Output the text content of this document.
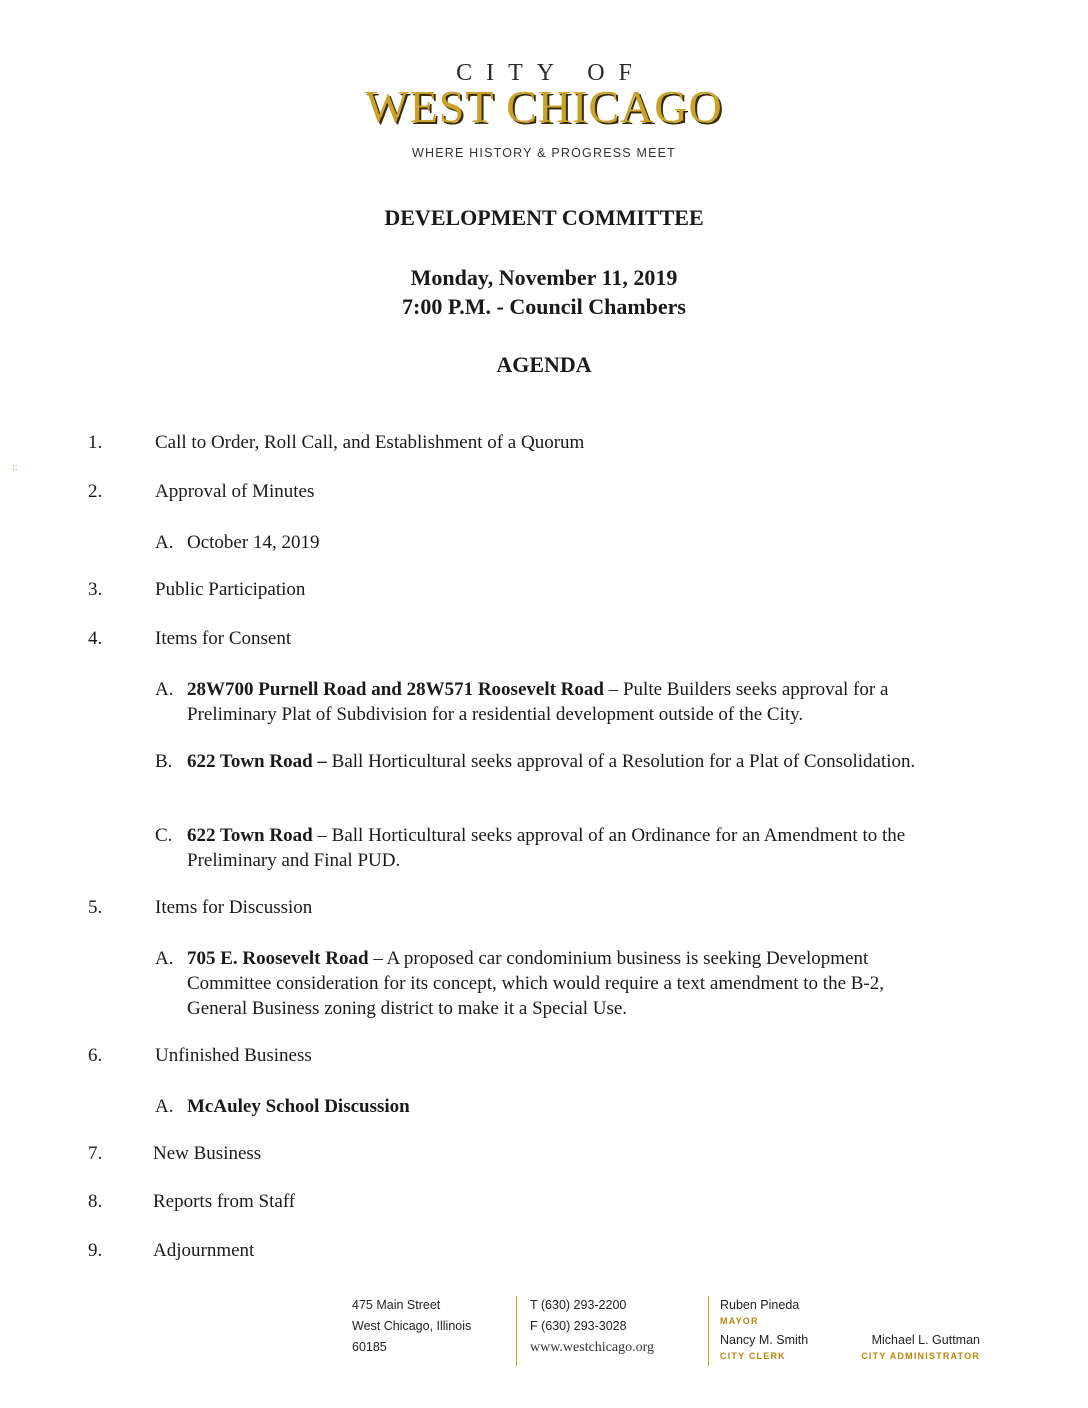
CITY OF
WEST CHICAGO
WHERE HISTORY & PROGRESS MEET
::
DEVELOPMENT COMMITTEE
Monday, November 11, 2019
7:00 P.M. - Council Chambers
AGENDA
1.	Call to Order, Roll Call, and Establishment of a Quorum
2.	Approval of Minutes
A. October 14, 2019
3.	Public Participation
4.	Items for Consent
A. 28W700 Purnell Road and 28W571 Roosevelt Road – Pulte Builders seeks approval for a Preliminary Plat of Subdivision for a residential development outside of the City.
B. 622 Town Road – Ball Horticultural seeks approval of a Resolution for a Plat of Consolidation.
C. 622 Town Road – Ball Horticultural seeks approval of an Ordinance for an Amendment to the Preliminary and Final PUD.
5.	Items for Discussion
A. 705 E. Roosevelt Road – A proposed car condominium business is seeking Development Committee consideration for its concept, which would require a text amendment to the B-2, General Business zoning district to make it a Special Use.
6.	Unfinished Business
A. McAuley School Discussion
7.	New Business
8.	Reports from Staff
9.	Adjournment
475 Main Street
West Chicago, Illinois
60185
T (630) 293-2200
F (630) 293-3028
www.westchicago.org
Ruben Pineda
MAYOR
Nancy M. Smith
CITY CLERK
Michael L. Guttman
CITY ADMINISTRATOR
